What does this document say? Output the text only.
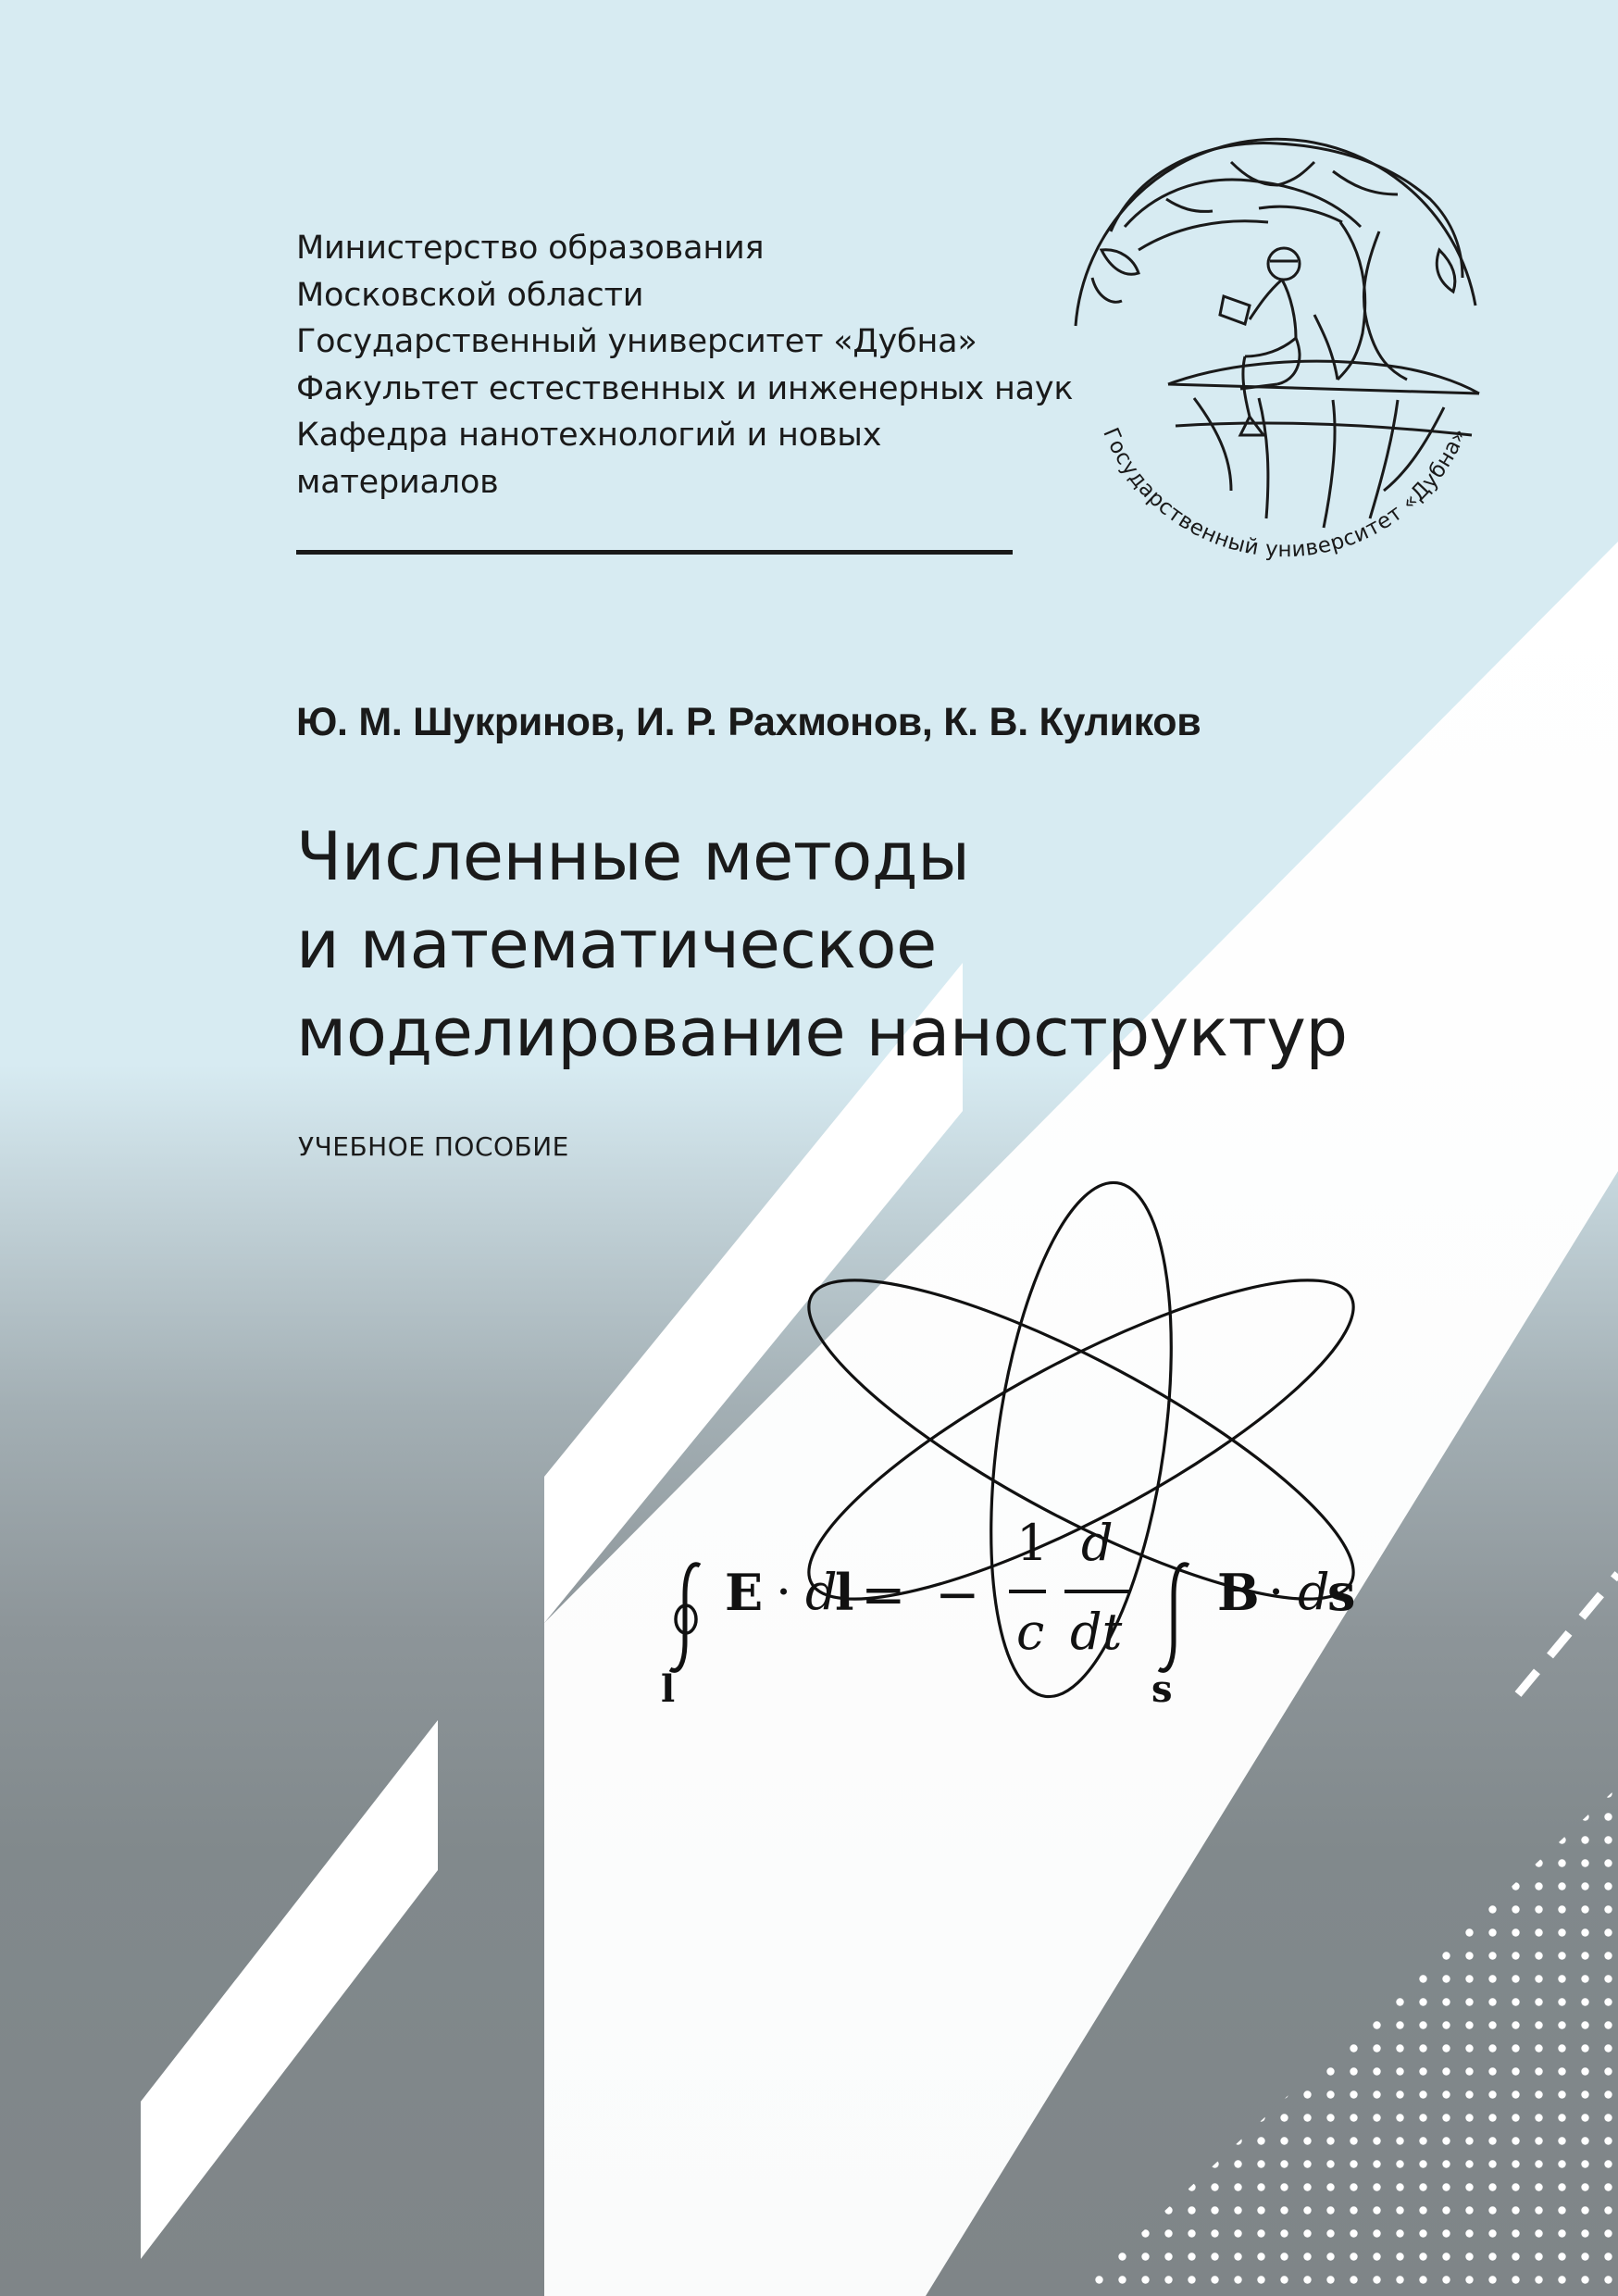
Государственный университет «Дубна»
Министерство образования
Московской области
Государственный университет «Дубна»
Факультет естественных и инженерных наук
Кафедра нанотехнологий и новых
материалов
Ю. М. Шукринов, И. Р. Рахмонов, К. В. Куликов
Численные методы
и математическое
моделирование наноструктур
УЧЕБНОЕ ПОСОБИЕ
l
E · d
l = −
1
c
d
dt
s
B · d
s
